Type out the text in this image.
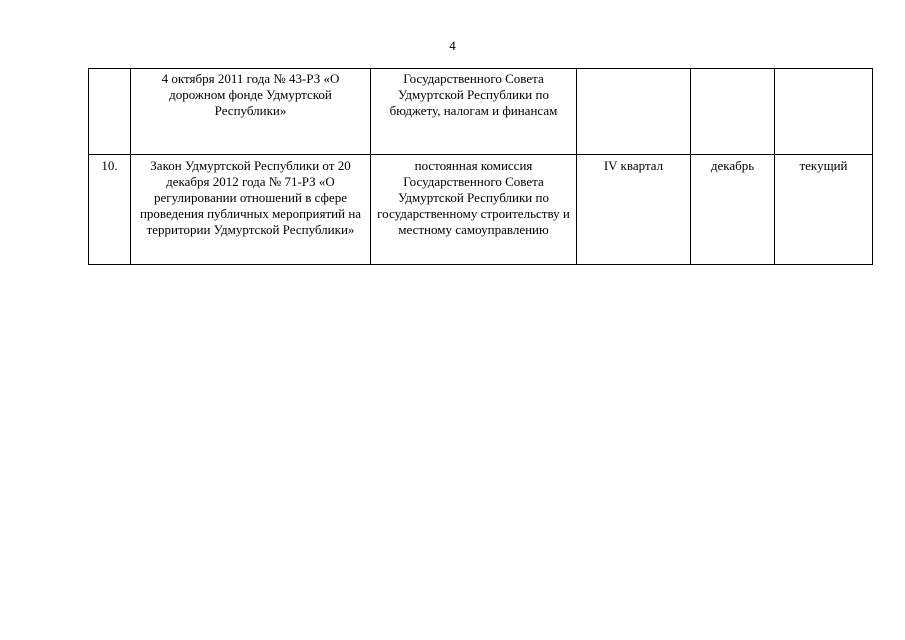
4
	4 октября 2011 года № 43-РЗ «О дорожном фонде Удмуртской Республики»	Государственного Совета Удмуртской Республики по бюджету, налогам и финансам			
10.	Закон Удмуртской Республики от 20 декабря 2012 года № 71-РЗ «О регулировании отношений в сфере проведения публичных мероприятий на территории Удмуртской Республики»	постоянная комиссия Государственного Совета Удмуртской Республики по государственному строительству и местному самоуправлению	IV квартал	декабрь	текущий
